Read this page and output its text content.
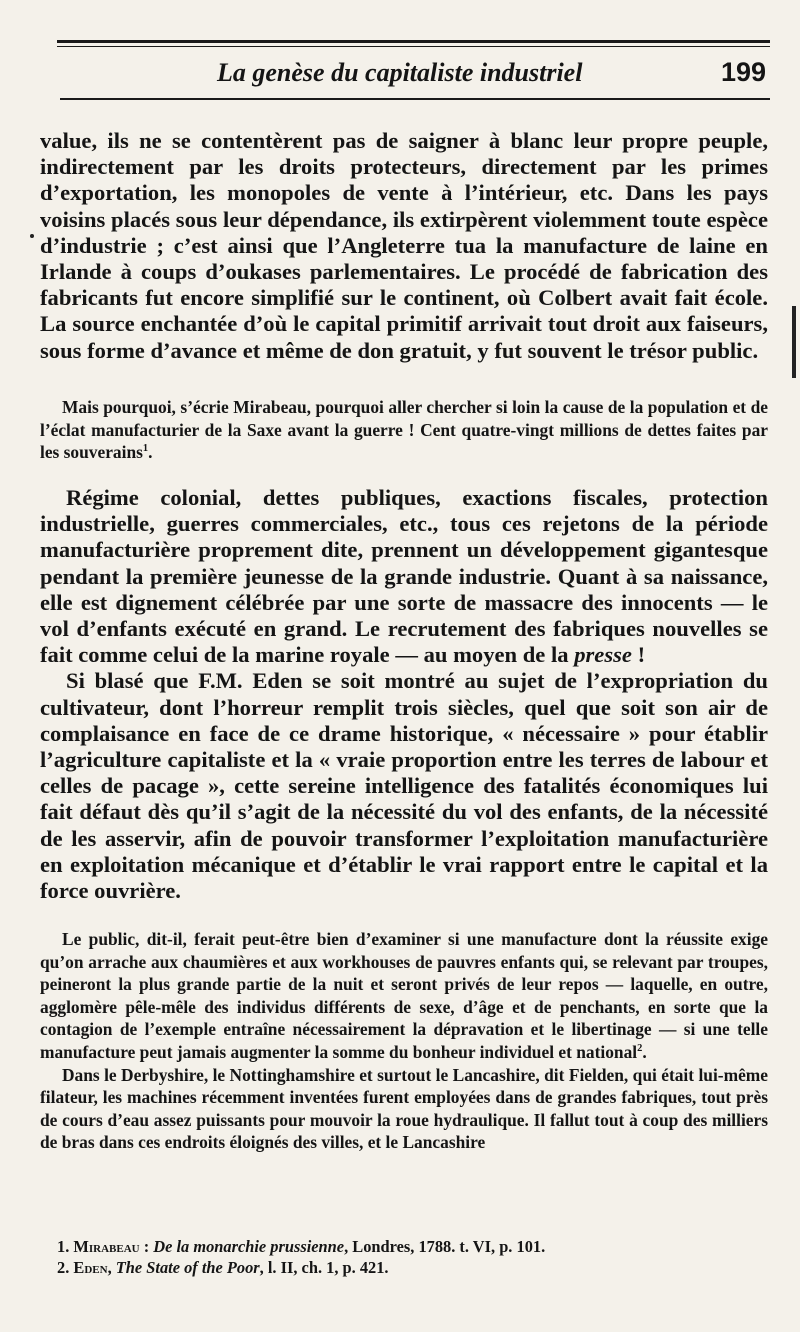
La genèse du capitaliste industriel	199

value, ils ne se contentèrent pas de saigner à blanc leur propre peuple, indirectement par les droits protecteurs, directement par les primes d’exportation, les monopoles de vente à l’intérieur, etc. Dans les pays voisins placés sous leur dépendance, ils extirpèrent violemment toute espèce d’industrie ; c’est ainsi que l’Angleterre tua la manufacture de laine en Irlande à coups d’oukases parlementaires. Le procédé de fabrication des fabricants fut encore simplifié sur le continent, où Colbert avait fait école. La source enchantée d’où le capital primitif arrivait tout droit aux faiseurs, sous forme d’avance et même de don gratuit, y fut souvent le trésor public.

Mais pourquoi, s’écrie Mirabeau, pourquoi aller chercher si loin la cause de la population et de l’éclat manufacturier de la Saxe avant la guerre ! Cent quatre-vingt millions de dettes faites par les souverains$^1$.

Régime colonial, dettes publiques, exactions fiscales, protection industrielle, guerres commerciales, etc., tous ces rejetons de la période manufacturière proprement dite, prennent un développement gigantesque pendant la première jeunesse de la grande industrie. Quant à sa naissance, elle est dignement célébrée par une sorte de massacre des innocents — le vol d’enfants exécuté en grand. Le recrutement des fabriques nouvelles se fait comme celui de la marine royale — au moyen de la presse !

Si blasé que F.M. Eden se soit montré au sujet de l’expropriation du cultivateur, dont l’horreur remplit trois siècles, quel que soit son air de complaisance en face de ce drame historique, « nécessaire » pour établir l’agriculture capitaliste et la « vraie proportion entre les terres de labour et celles de pacage », cette sereine intelligence des fatalités économiques lui fait défaut dès qu’il s’agit de la nécessité du vol des enfants, de la nécessité de les asservir, afin de pouvoir transformer l’exploitation manufacturière en exploitation mécanique et d’établir le vrai rapport entre le capital et la force ouvrière.

Le public, dit-il, ferait peut-être bien d’examiner si une manufacture dont la réussite exige qu’on arrache aux chaumières et aux workhouses de pauvres enfants qui, se relevant par troupes, peineront la plus grande partie de la nuit et seront privés de leur repos — laquelle, en outre, agglomère pêle-mêle des individus différents de sexe, d’âge et de penchants, en sorte que la contagion de l’exemple entraîne nécessairement la dépravation et le libertinage — si une telle manufacture peut jamais augmenter la somme du bonheur individuel et national$^2$.

Dans le Derbyshire, le Nottinghamshire et surtout le Lancashire, dit Fielden, qui était lui-même filateur, les machines récemment inventées furent employées dans de grandes fabriques, tout près de cours d’eau assez puissants pour mouvoir la roue hydraulique. Il fallut tout à coup des milliers de bras dans ces endroits éloignés des villes, et le Lancashire

1. Mirabeau : De la monarchie prussienne, Londres, 1788. t. VI, p. 101.

2. Eden, The State of the Poor, l. II, ch. 1, p. 421.
